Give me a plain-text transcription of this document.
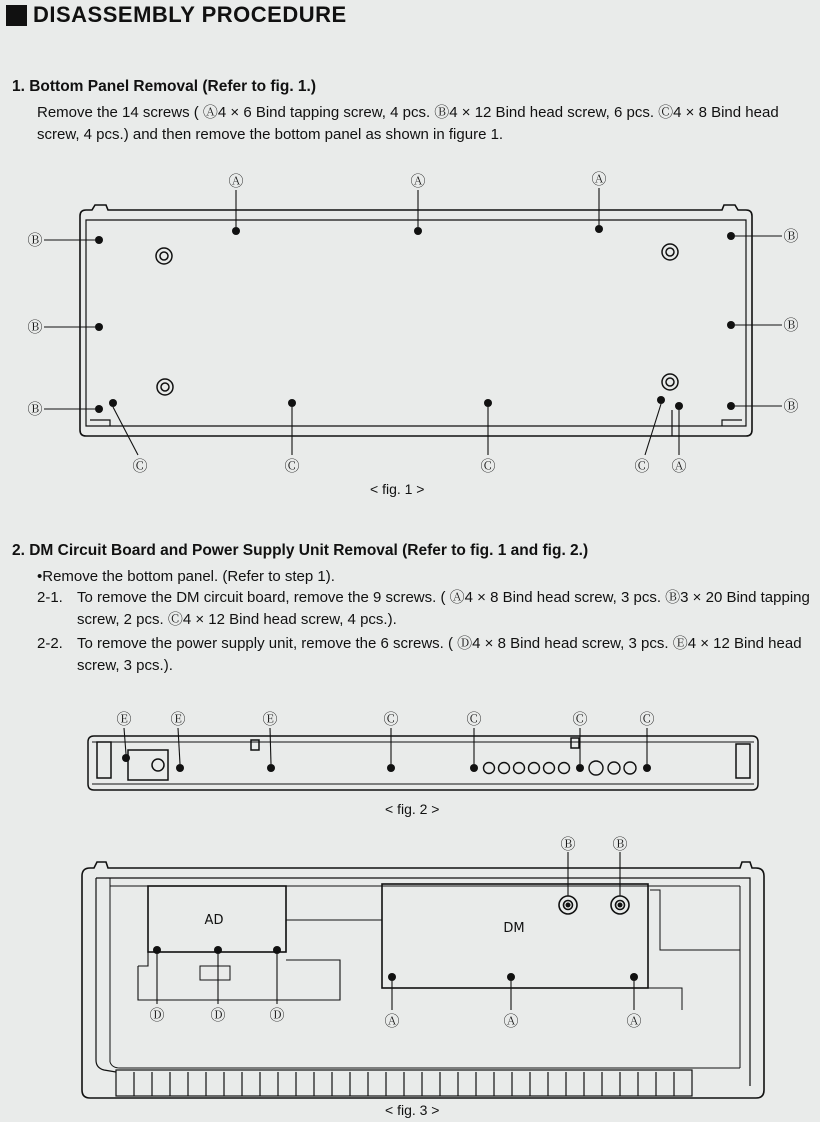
DISASSEMBLY PROCEDURE
1. Bottom Panel Removal (Refer to fig. 1.)

Remove the 14 screws ( Ⓐ4 × 6 Bind tapping screw, 4 pcs. Ⓑ4 × 12 Bind head screw, 6 pcs. Ⓒ4 × 8 Bind head screw, 4 pcs.) and then remove the bottom panel as shown in figure 1.

Ⓐ	Ⓐ	Ⓐ
Ⓑ
Ⓑ
Ⓑ
Ⓑ
Ⓑ
Ⓑ
Ⓒ	Ⓒ	Ⓒ	Ⓒ Ⓐ
Ⓔ	Ⓔ	Ⓔ	Ⓒ	Ⓒ	Ⓒ	Ⓒ
Ⓑ Ⓑ
Ⓓ	Ⓓ	Ⓓ	Ⓐ	Ⓐ	Ⓐ
AD
DM
< fig. 1 >
2. DM Circuit Board and Power Supply Unit Removal (Refer to fig. 1 and fig. 2.)
•Remove the bottom panel. (Refer to step 1).
2-1. To remove the DM circuit board, remove the 9 screws. ( Ⓐ4 × 8 Bind head screw, 3 pcs. Ⓑ3 × 20 Bind tapping screw, 2 pcs. Ⓒ4 × 12 Bind head screw, 4 pcs.).
2-2. To remove the power supply unit, remove the 6 screws. ( Ⓓ4 × 8 Bind head screw, 3 pcs. Ⓔ4 × 12 Bind head screw, 3 pcs.).
< fig. 2 >
< fig. 3 >
